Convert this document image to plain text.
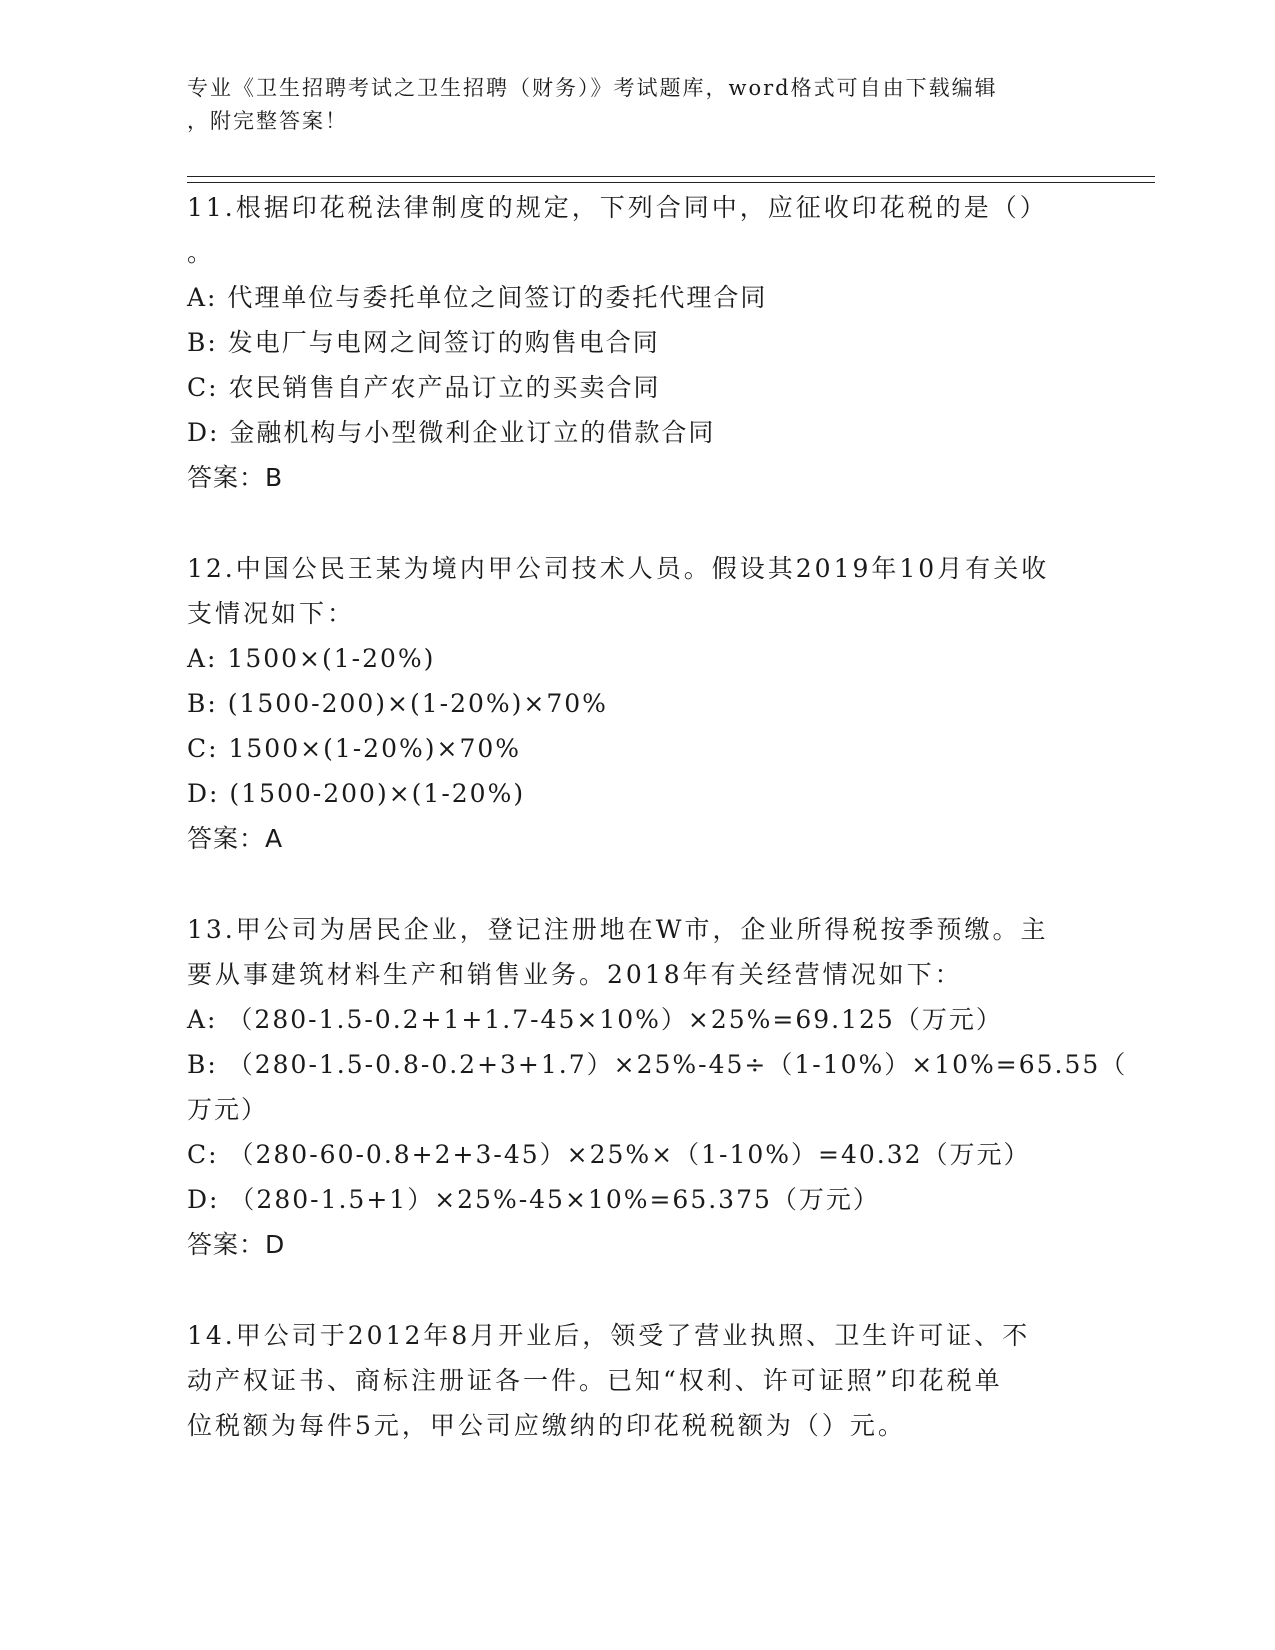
专业《卫生招聘考试之卫生招聘（财务）》考试题库，word格式可自由下载编辑
，附完整答案！

11.根据印花税法律制度的规定，下列合同中，应征收印花税的是（）

。

A: 代理单位与委托单位之间签订的委托代理合同

B: 发电厂与电网之间签订的购售电合同

C: 农民销售自产农产品订立的买卖合同

D: 金融机构与小型微利企业订立的借款合同

答案：B

12.中国公民王某为境内甲公司技术人员。假设其2019年10月有关收

支情况如下：

A: 1500×(1-20%)

B: (1500-200)×(1-20%)×70%

C: 1500×(1-20%)×70%

D: (1500-200)×(1-20%)

答案：A

13.甲公司为居民企业，登记注册地在W市，企业所得税按季预缴。主

要从事建筑材料生产和销售业务。2018年有关经营情况如下：

A: （280-1.5-0.2+1+1.7-45×10%）×25%=69.125（万元）

B: （280-1.5-0.8-0.2+3+1.7）×25%-45÷（1-10%）×10%=65.55（

万元）

C: （280-60-0.8+2+3-45）×25%×（1-10%）=40.32（万元）

D: （280-1.5+1）×25%-45×10%=65.375（万元）

答案：D

14.甲公司于2012年8月开业后，领受了营业执照、卫生许可证、不

动产权证书、商标注册证各一件。已知“权利、许可证照”印花税单

位税额为每件5元，甲公司应缴纳的印花税税额为（）元。
